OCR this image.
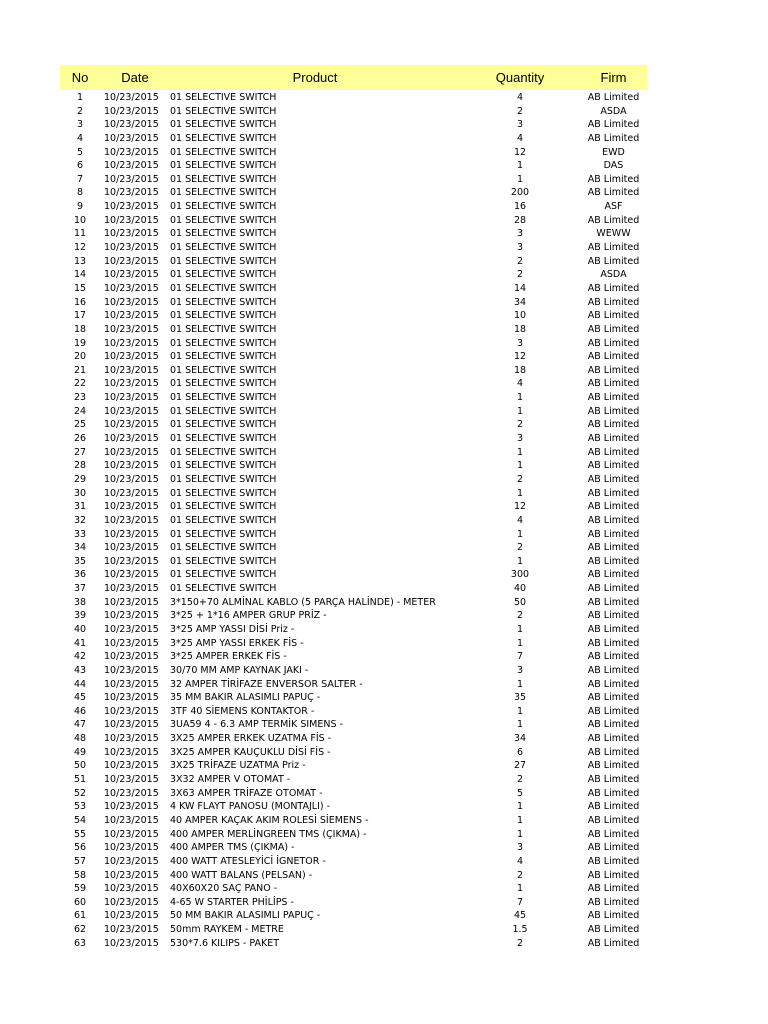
No	Date	Product	Quantity	Firm
1	10/23/2015	01 SELECTIVE SWITCH	4	AB Limited
2	10/23/2015	01 SELECTIVE SWITCH	2	ASDA
3	10/23/2015	01 SELECTIVE SWITCH	3	AB Limited
4	10/23/2015	01 SELECTIVE SWITCH	4	AB Limited
5	10/23/2015	01 SELECTIVE SWITCH	12	EWD
6	10/23/2015	01 SELECTIVE SWITCH	1	DAS
7	10/23/2015	01 SELECTIVE SWITCH	1	AB Limited
8	10/23/2015	01 SELECTIVE SWITCH	200	AB Limited
9	10/23/2015	01 SELECTIVE SWITCH	16	ASF
10	10/23/2015	01 SELECTIVE SWITCH	28	AB Limited
11	10/23/2015	01 SELECTIVE SWITCH	3	WEWW
12	10/23/2015	01 SELECTIVE SWITCH	3	AB Limited
13	10/23/2015	01 SELECTIVE SWITCH	2	AB Limited
14	10/23/2015	01 SELECTIVE SWITCH	2	ASDA
15	10/23/2015	01 SELECTIVE SWITCH	14	AB Limited
16	10/23/2015	01 SELECTIVE SWITCH	34	AB Limited
17	10/23/2015	01 SELECTIVE SWITCH	10	AB Limited
18	10/23/2015	01 SELECTIVE SWITCH	18	AB Limited
19	10/23/2015	01 SELECTIVE SWITCH	3	AB Limited
20	10/23/2015	01 SELECTIVE SWITCH	12	AB Limited
21	10/23/2015	01 SELECTIVE SWITCH	18	AB Limited
22	10/23/2015	01 SELECTIVE SWITCH	4	AB Limited
23	10/23/2015	01 SELECTIVE SWITCH	1	AB Limited
24	10/23/2015	01 SELECTIVE SWITCH	1	AB Limited
25	10/23/2015	01 SELECTIVE SWITCH	2	AB Limited
26	10/23/2015	01 SELECTIVE SWITCH	3	AB Limited
27	10/23/2015	01 SELECTIVE SWITCH	1	AB Limited
28	10/23/2015	01 SELECTIVE SWITCH	1	AB Limited
29	10/23/2015	01 SELECTIVE SWITCH	2	AB Limited
30	10/23/2015	01 SELECTIVE SWITCH	1	AB Limited
31	10/23/2015	01 SELECTIVE SWITCH	12	AB Limited
32	10/23/2015	01 SELECTIVE SWITCH	4	AB Limited
33	10/23/2015	01 SELECTIVE SWITCH	1	AB Limited
34	10/23/2015	01 SELECTIVE SWITCH	2	AB Limited
35	10/23/2015	01 SELECTIVE SWITCH	1	AB Limited
36	10/23/2015	01 SELECTIVE SWITCH	300	AB Limited
37	10/23/2015	01 SELECTIVE SWITCH	40	AB Limited
38	10/23/2015	3*150+70 ALMİNAL KABLO (5 PARÇA HALİNDE) - METER	50	AB Limited
39	10/23/2015	3*25 + 1*16 AMPER GRUP PRİZ -	2	AB Limited
40	10/23/2015	3*25 AMP YASSI DİSİ Priz -	1	AB Limited
41	10/23/2015	3*25 AMP YASSI ERKEK FİS -	1	AB Limited
42	10/23/2015	3*25 AMPER ERKEK FİS -	7	AB Limited
43	10/23/2015	30/70 MM AMP KAYNAK JAKI -	3	AB Limited
44	10/23/2015	32 AMPER TİRİFAZE ENVERSOR SALTER -	1	AB Limited
45	10/23/2015	35 MM BAKIR ALASIMLI PAPUÇ -	35	AB Limited
46	10/23/2015	3TF 40 SİEMENS KONTAKTOR -	1	AB Limited
47	10/23/2015	3UA59 4 - 6.3 AMP TERMİK SIMENS -	1	AB Limited
48	10/23/2015	3X25 AMPER ERKEK UZATMA FİS -	34	AB Limited
49	10/23/2015	3X25 AMPER KAUÇUKLU DİSİ FİS -	6	AB Limited
50	10/23/2015	3X25 TRİFAZE UZATMA Priz -	27	AB Limited
51	10/23/2015	3X32 AMPER V OTOMAT -	2	AB Limited
52	10/23/2015	3X63 AMPER TRİFAZE OTOMAT -	5	AB Limited
53	10/23/2015	4 KW FLAYT PANOSU (MONTAJLI) -	1	AB Limited
54	10/23/2015	40 AMPER KAÇAK AKIM ROLESİ SİEMENS -	1	AB Limited
55	10/23/2015	400 AMPER MERLİNGREEN TMS (ÇIKMA) -	1	AB Limited
56	10/23/2015	400 AMPER TMS (ÇIKMA) -	3	AB Limited
57	10/23/2015	400 WATT ATESLEYİCİ İGNETOR -	4	AB Limited
58	10/23/2015	400 WATT BALANS (PELSAN) -	2	AB Limited
59	10/23/2015	40X60X20 SAÇ PANO -	1	AB Limited
60	10/23/2015	4-65 W STARTER PHİLİPS -	7	AB Limited
61	10/23/2015	50 MM BAKIR ALASIMLI PAPUÇ -	45	AB Limited
62	10/23/2015	50mm RAYKEM - METRE	1.5	AB Limited
63	10/23/2015	530*7.6 KILIPS - PAKET	2	AB Limited
